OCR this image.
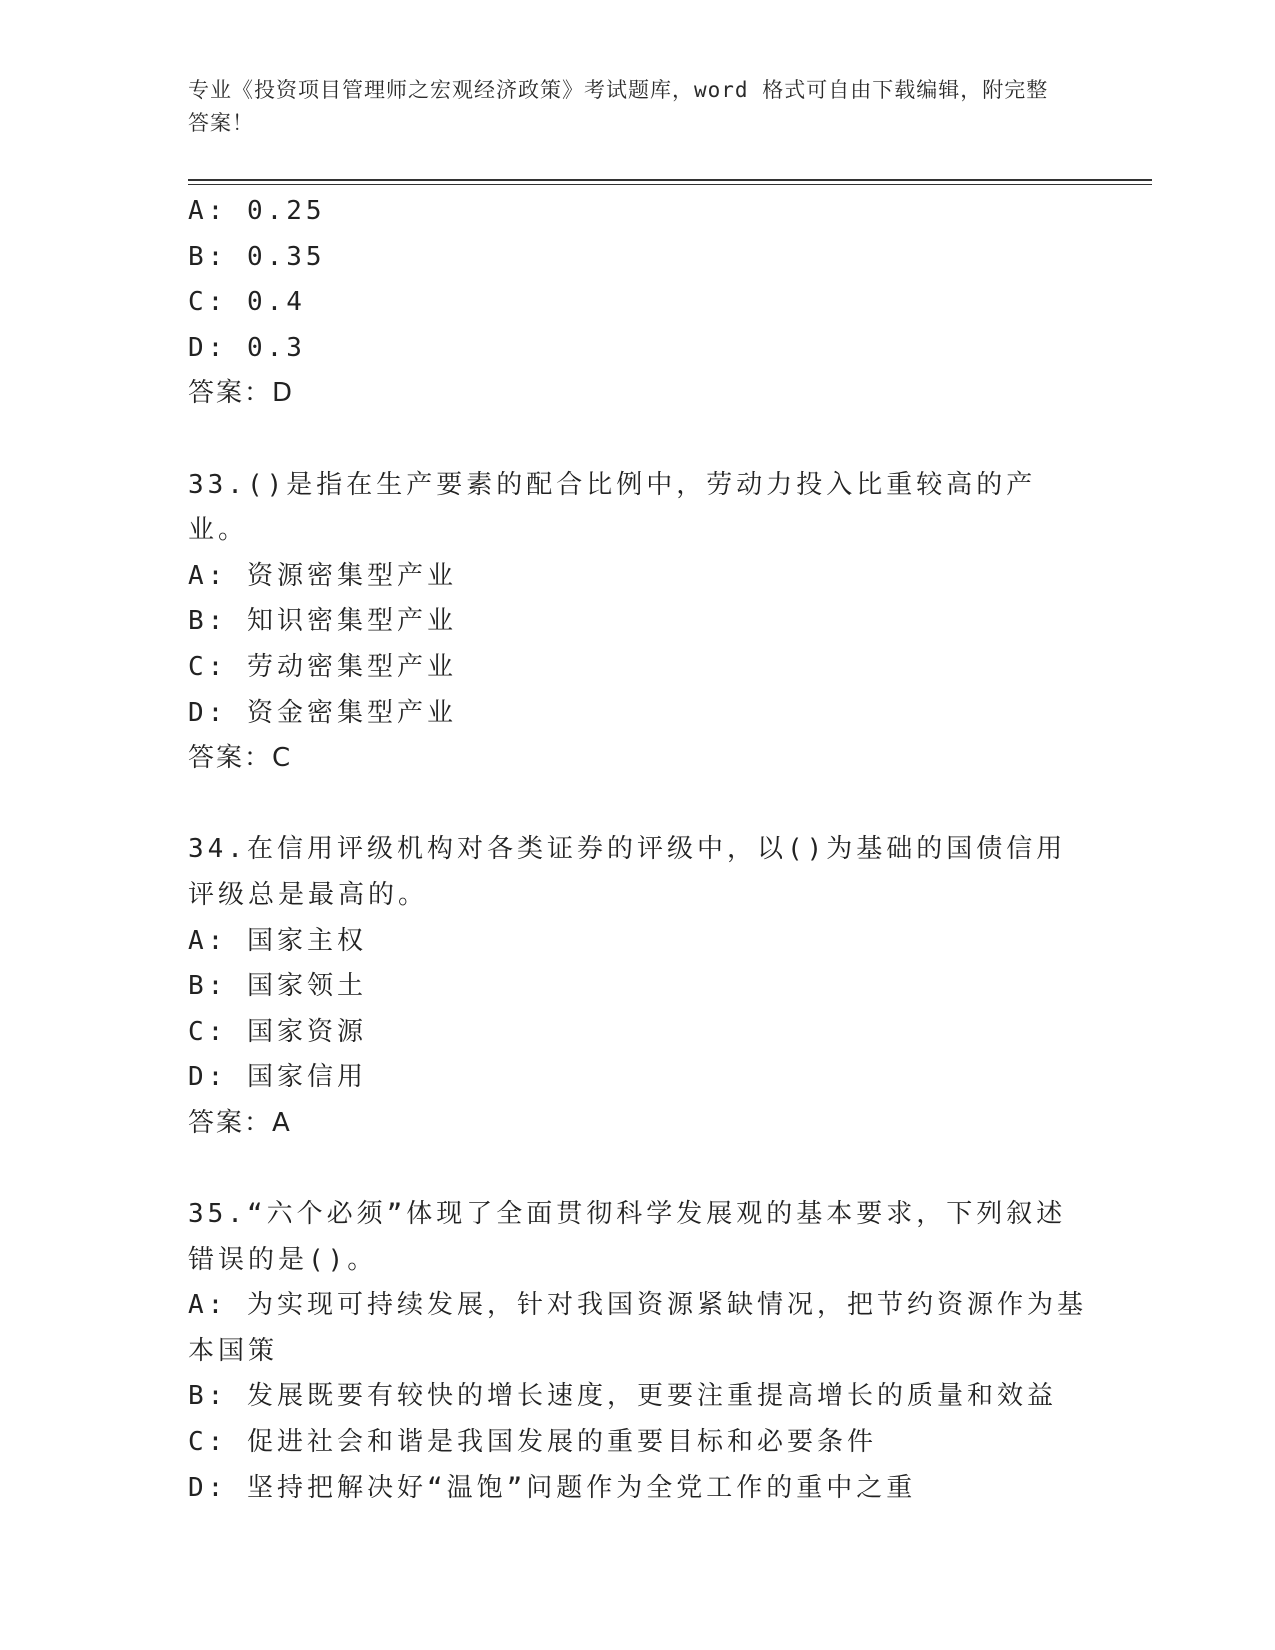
专业《投资项目管理师之宏观经济政策》考试题库，word 格式可自由下载编辑，附完整答案！

A: 0.25

B: 0.35

C: 0.4

D: 0.3

答案：D

33.()是指在生产要素的配合比例中，劳动力投入比重较高的产业。

A: 资源密集型产业

B: 知识密集型产业

C: 劳动密集型产业

D: 资金密集型产业

答案：C

34.在信用评级机构对各类证券的评级中，以()为基础的国债信用评级总是最高的。

A: 国家主权

B: 国家领土

C: 国家资源

D: 国家信用

答案：A

35.“六个必须”体现了全面贯彻科学发展观的基本要求，下列叙述错误的是()。

A: 为实现可持续发展，针对我国资源紧缺情况，把节约资源作为基本国策

B: 发展既要有较快的增长速度，更要注重提高增长的质量和效益

C: 促进社会和谐是我国发展的重要目标和必要条件

D: 坚持把解决好“温饱”问题作为全党工作的重中之重
